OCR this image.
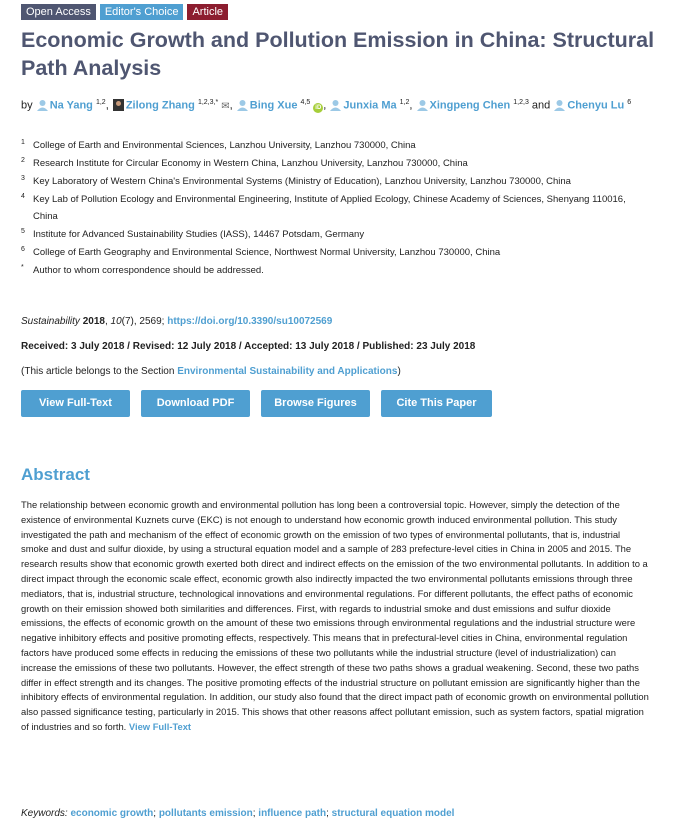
Open Access	Editor's Choice	Article
Economic Growth and Pollution Emission in China: Structural Path Analysis
by Na Yang $^{1,2}$, Zilong Zhang $^{1,2,3,*}$ ✉, Bing Xue $^{4,5}$ iD , Junxia Ma $^{1,2}$, Xingpeng Chen $^{1,2,3}$ and Chenyu Lu $^6$
1 College of Earth and Environmental Sciences, Lanzhou University, Lanzhou 730000, China
2 Research Institute for Circular Economy in Western China, Lanzhou University, Lanzhou 730000, China
3 Key Laboratory of Western China's Environmental Systems (Ministry of Education), Lanzhou University, Lanzhou 730000, China
4 Key Lab of Pollution Ecology and Environmental Engineering, Institute of Applied Ecology, Chinese Academy of Sciences, Shenyang 110016, China
5 Institute for Advanced Sustainability Studies (IASS), 14467 Potsdam, Germany
6 College of Earth Geography and Environmental Science, Northwest Normal University, Lanzhou 730000, China
* Author to whom correspondence should be addressed.
Sustainability 2018, 10(7), 2569; https://doi.org/10.3390/su10072569
Received: 3 July 2018 / Revised: 12 July 2018 / Accepted: 13 July 2018 / Published: 23 July 2018
(This article belongs to the Section Environmental Sustainability and Applications)
View Full-Text	Download PDF	Browse Figures	Cite This Paper
Abstract
The relationship between economic growth and environmental pollution has long been a controversial topic. However, simply the detection of the existence of environmental Kuznets curve (EKC) is not enough to understand how economic growth induced environmental pollution. This study investigated the path and mechanism of the effect of economic growth on the emission of two types of environmental pollutants, that is, industrial smoke and dust and sulfur dioxide, by using a structural equation model and a sample of 283 prefecture-level cities in China in 2005 and 2015. The research results show that economic growth exerted both direct and indirect effects on the emission of the two environmental pollutants. In addition to a direct impact through the economic scale effect, economic growth also indirectly impacted the two environmental pollutants emissions through three mediators, that is, industrial structure, technological innovations and environmental regulations. For different pollutants, the effect paths of economic growth on their emission showed both similarities and differences. First, with regards to industrial smoke and dust emissions and sulfur dioxide emissions, the effects of economic growth on the amount of these two emissions through environmental regulations and the industrial structure were negative inhibitory effects and positive promoting effects, respectively. This means that in prefectural-level cities in China, environmental regulation factors have produced some effects in reducing the emissions of these two pollutants while the industrial structure (level of industrialization) can increase the emissions of these two pollutants. However, the effect strength of these two paths shows a gradual weakening. Second, these two paths differ in effect strength and its changes. The positive promoting effects of the industrial structure on pollutant emission are significantly higher than the inhibitory effects of environmental regulation. In addition, our study also found that the direct impact path of economic growth on environmental pollution also passed significance testing, particularly in 2015. This shows that other reasons affect pollutant emission, such as system factors, spatial migration of industries and so forth. View Full-Text
Keywords: economic growth; pollutants emission; influence path; structural equation model
